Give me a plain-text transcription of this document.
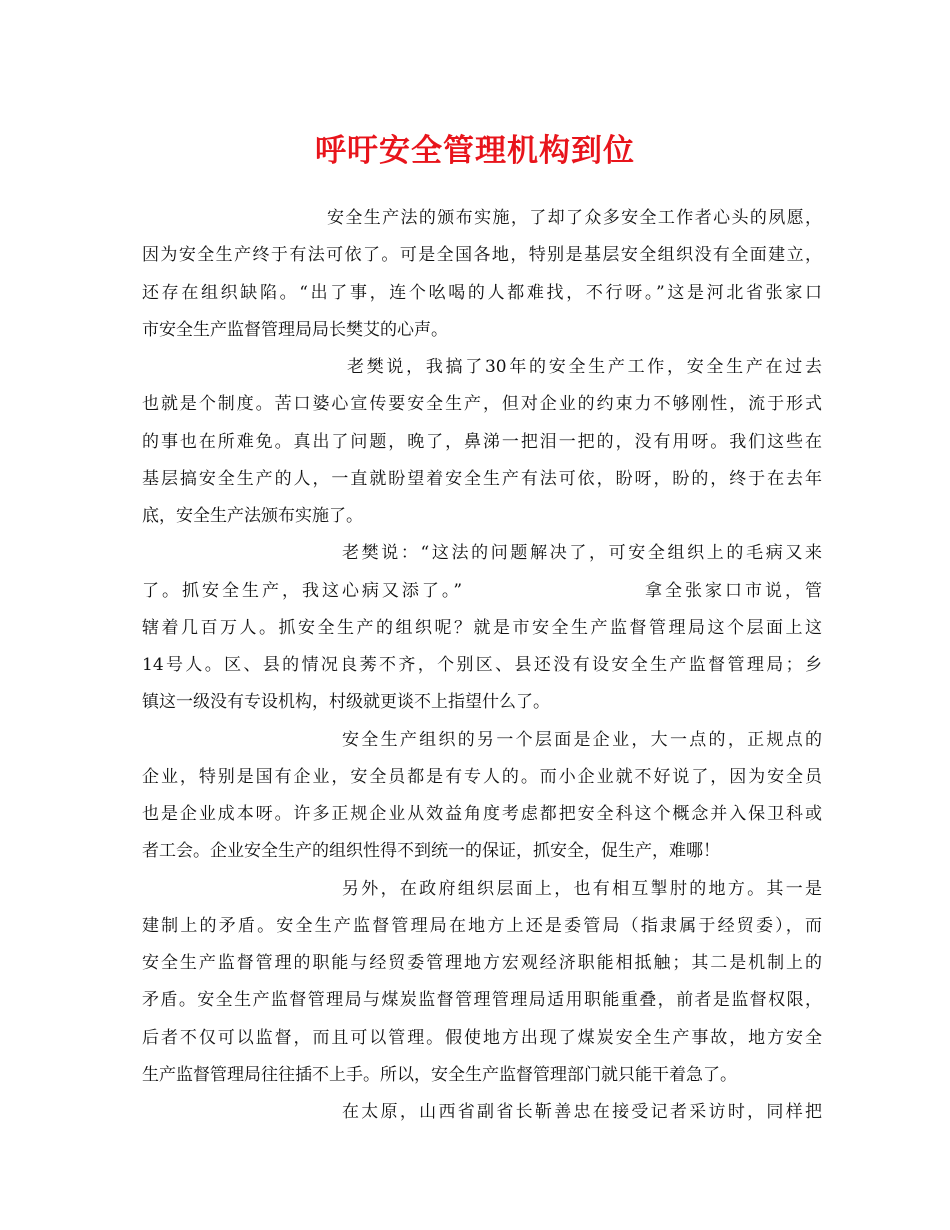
呼吁安全管理机构到位
安全生产法的颁布实施，了却了众多安全工作者心头的夙愿，
因为安全生产终于有法可依了。可是全国各地，特别是基层安全组织没有全面建立，
还存在组织缺陷。“出了事，连个吆喝的人都难找，不行呀。”这是河北省张家口
市安全生产监督管理局局长樊艾的心声。
老樊说，我搞了30年的安全生产工作，安全生产在过去
也就是个制度。苦口婆心宣传要安全生产，但对企业的约束力不够刚性，流于形式
的事也在所难免。真出了问题，晚了，鼻涕一把泪一把的，没有用呀。我们这些在
基层搞安全生产的人，一直就盼望着安全生产有法可依，盼呀，盼的，终于在去年
底，安全生产法颁布实施了。
老樊说：“这法的问题解决了，可安全组织上的毛病又来
了。抓安全生产，我这心病又添了。”　　　　　　　　　拿全张家口市说，管
辖着几百万人。抓安全生产的组织呢？就是市安全生产监督管理局这个层面上这
14号人。区、县的情况良莠不齐，个别区、县还没有设安全生产监督管理局；乡
镇这一级没有专设机构，村级就更谈不上指望什么了。
安全生产组织的另一个层面是企业，大一点的，正规点的
企业，特别是国有企业，安全员都是有专人的。而小企业就不好说了，因为安全员
也是企业成本呀。许多正规企业从效益角度考虑都把安全科这个概念并入保卫科或
者工会。企业安全生产的组织性得不到统一的保证，抓安全，促生产，难哪！
另外，在政府组织层面上，也有相互掣肘的地方。其一是
建制上的矛盾。安全生产监督管理局在地方上还是委管局（指隶属于经贸委），而
安全生产监督管理的职能与经贸委管理地方宏观经济职能相抵触；其二是机制上的
矛盾。安全生产监督管理局与煤炭监督管理管理局适用职能重叠，前者是监督权限，
后者不仅可以监督，而且可以管理。假使地方出现了煤炭安全生产事故，地方安全
生产监督管理局往往插不上手。所以，安全生产监督管理部门就只能干着急了。
在太原，山西省副省长靳善忠在接受记者采访时，同样把
